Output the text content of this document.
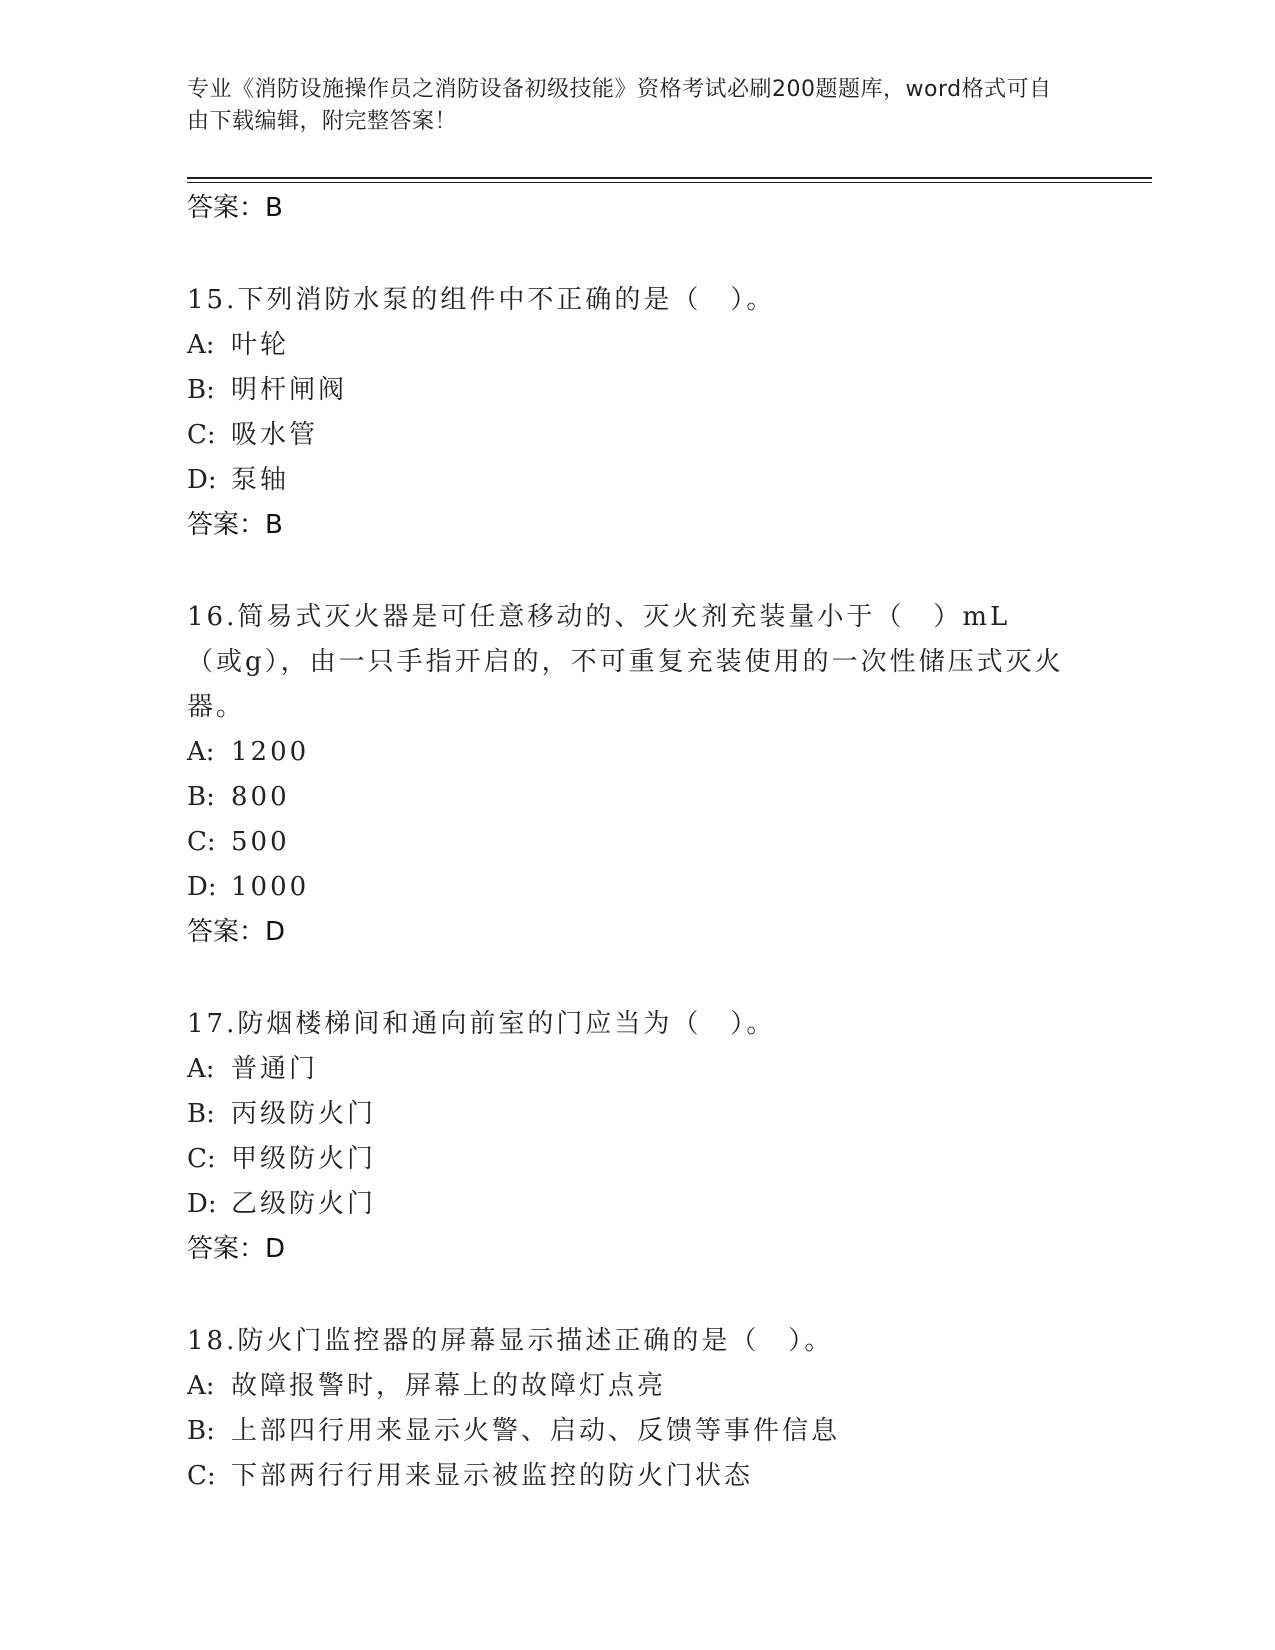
专业《消防设施操作员之消防设备初级技能》资格考试必刷200题题库，word格式可自由下载编辑，附完整答案！
答案：B
15.下列消防水泵的组件中不正确的是（　）。
A: 叶轮
B: 明杆闸阀
C: 吸水管
D: 泵轴
答案：B
16.简易式灭火器是可任意移动的、灭火剂充装量小于（　）mL（或g），由一只手指开启的，不可重复充装使用的一次性储压式灭火器。
A: 1200
B: 800
C: 500
D: 1000
答案：D
17.防烟楼梯间和通向前室的门应当为（　）。
A: 普通门
B: 丙级防火门
C: 甲级防火门
D: 乙级防火门
答案：D
18.防火门监控器的屏幕显示描述正确的是（　）。
A: 故障报警时，屏幕上的故障灯点亮
B: 上部四行用来显示火警、启动、反馈等事件信息
C: 下部两行行用来显示被监控的防火门状态
